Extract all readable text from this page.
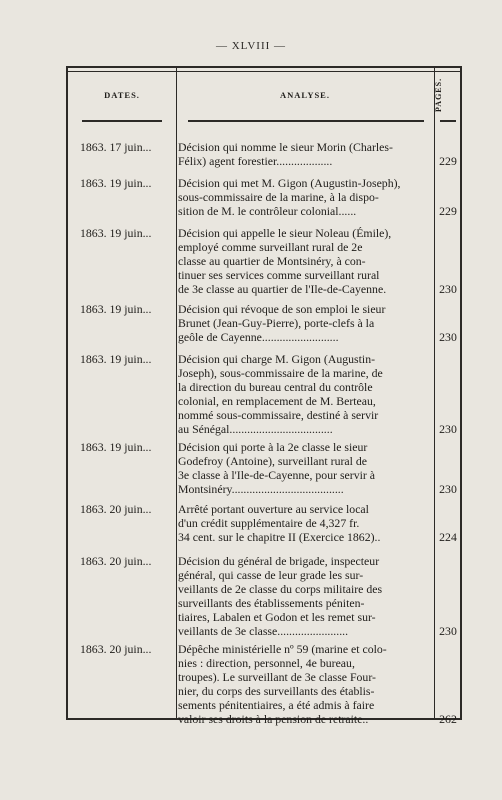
— XLVIII —
DATES.	ANALYSE.	PAGES.
1863. 17 juin... Décision qui nomme le sieur Morin (Charles-
Félix) agent forestier...................	229
1863. 19 juin... Décision qui met M. Gigon (Augustin-Joseph),
sous-commissaire de la marine, à la dispo-
sition de M. le contrôleur colonial......	229
1863. 19 juin... Décision qui appelle le sieur Noleau (Émile),
employé comme surveillant rural de 2e
classe au quartier de Montsinéry, à con-
tinuer ses services comme surveillant rural
de 3e classe au quartier de l'Ile-de-Cayenne.	230
1863. 19 juin... Décision qui révoque de son emploi le sieur
Brunet (Jean-Guy-Pierre), porte-clefs à la
geôle de Cayenne..........................	230
1863. 19 juin... Décision qui charge M. Gigon (Augustin-
Joseph), sous-commissaire de la marine, de
la direction du bureau central du contrôle
colonial, en remplacement de M. Berteau,
nommé sous-commissaire, destiné à servir
au Sénégal...................................	230
1863. 19 juin... Décision qui porte à la 2e classe le sieur
Godefroy (Antoine), surveillant rural de
3e classe à l'Ile-de-Cayenne, pour servir à
Montsinéry......................................	230
1863. 20 juin... Arrêté portant ouverture au service local
d'un crédit supplémentaire de 4,327 fr.
34 cent. sur le chapitre II (Exercice 1862)..	224
1863. 20 juin... Décision du général de brigade, inspecteur
général, qui casse de leur grade les sur-
veillants de 2e classe du corps militaire des
surveillants des établissements péniten-
tiaires, Labalen et Godon et les remet sur-
veillants de 3e classe........................	230
1863. 20 juin... Dépêche ministérielle nº 59 (marine et colo-
nies : direction, personnel, 4e bureau,
troupes). Le surveillant de 3e classe Four-
nier, du corps des surveillants des établis-
sements pénitentiaires, a été admis à faire
valoir ses droits à la pension de retraite..	262
